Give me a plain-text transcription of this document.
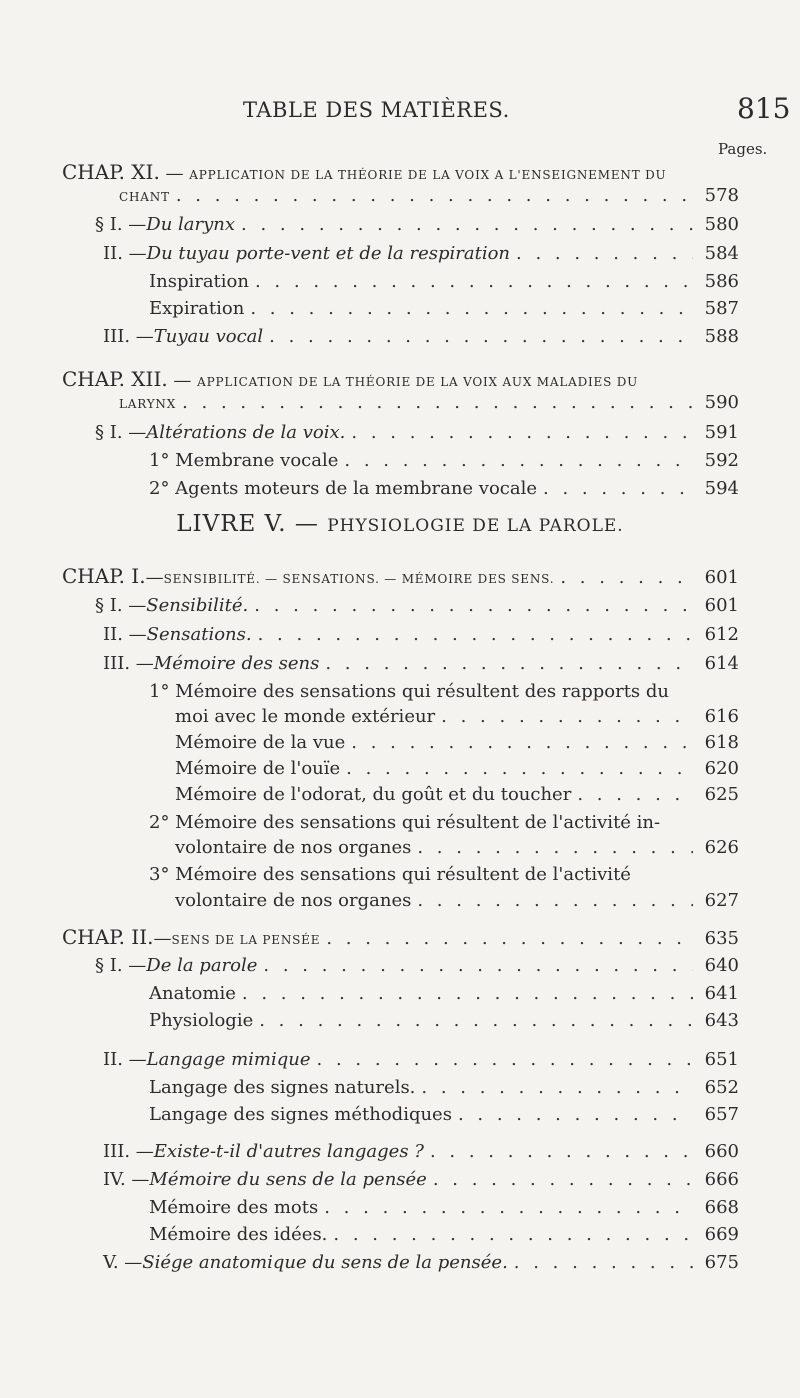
TABLE DES MATIÈRES.	815
Pages.
CHAP. XI. — APPLICATION DE LA THÉORIE DE LA VOIX A L'ENSEIGNEMENT DU
CHANT . . .	578
§ I. — Du larynx . . .	580
II. — Du tuyau porte-vent et de la respiration . . .	584
Inspiration . . .	586
Expiration . . .	587
III. — Tuyau vocal . . .	588
CHAP. XII. — APPLICATION DE LA THÉORIE DE LA VOIX AUX MALADIES DU
LARYNX . . .	590
§ I. — Altérations de la voix. . . .	591
1° Membrane vocale . . .	592
2° Agents moteurs de la membrane vocale . . .	594
LIVRE V. — PHYSIOLOGIE DE LA PAROLE.
CHAP. I. — SENSIBILITÉ. — SENSATIONS. — MÉMOIRE DES SENS. . . .	601
§ I. — Sensibilité. . . .	601
II. — Sensations. . . .	612
III. — Mémoire des sens . . .	614
1° Mémoire des sensations qui résultent des rapports du
moi avec le monde extérieur . . .	616
Mémoire de la vue . . .	618
Mémoire de l'ouïe . . .	620
Mémoire de l'odorat, du goût et du toucher . . .	625
2° Mémoire des sensations qui résultent de l'activité in-
volontaire de nos organes . . .	626
3° Mémoire des sensations qui résultent de l'activité
volontaire de nos organes . . .	627
CHAP. II. — SENS DE LA PENSÉE . . .	635
§ I. — De la parole . . .	640
Anatomie . . .	641
Physiologie . . .	643
II. — Langage mimique . . .	651
Langage des signes naturels. . . .	652
Langage des signes méthodiques . . .	657
III. — Existe-t-il d'autres langages ? . . .	660
IV. — Mémoire du sens de la pensée . . .	666
Mémoire des mots . . .	668
Mémoire des idées. . . .	669
V. — Siége anatomique du sens de la pensée. . . .	675
